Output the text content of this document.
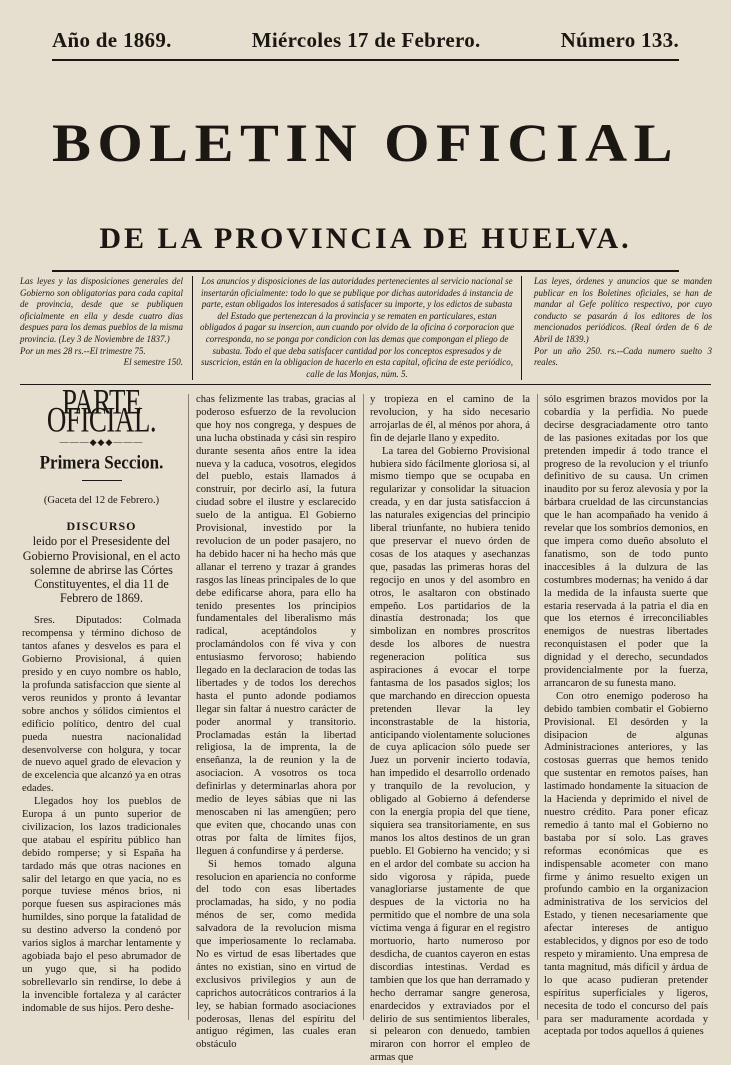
Año de 1869.	Miércoles 17 de Febrero.	Número 133.
BOLETIN OFICIAL
DE LA PROVINCIA DE HUELVA.
Las leyes y las disposiciones generales del Gobierno son obligatorias para cada capital de provincia, desde que se publiquen oficialmente en ella y desde cuatro dias despues para los demas pueblos de la misma provincia. (Ley 3 de Noviembre de 1837.)
Por un mes 28 rs.--El trimestre 75.
El semestre 150.
Los anuncios y disposiciones de las autoridades pertenecientes al servicio nacional se insertarán oficialmente: todo lo que se publique por dichas autoridades á instancia de parte, estan obligados los interesados á satisfacer su importe, y los edictos de subasta del Estado que pertenezcan á la provincia y se rematen en particulares, estan obligados á pagar su insercion, aun cuando por olvido de la oficina ó corporacion que corresponda, no se ponga por condicion con las demas que compongan el pliego de subasta. Todo el que deba satisfacer cantidad por los conceptos espresados y de suscricion, están en la obligacion de hacerlo en esta capital, oficina de este periódico, calle de las Monjas, núm. 5.
Las leyes, órdenes y anuncios que se manden publicar en los Boletines oficiales, se han de mandar al Gefe político respectivo, por cuyo conducto se pasarán á los editores de los mencionados periódicos. (Real órden de 6 de Abril de 1839.)
Por un año 250. rs.--Cada numero suelto 3 reales.
PARTE OFICIAL.
———◆◆◆———
Primera Seccion.
(Gaceta del 12 de Febrero.)
DISCURSO
leido por el Presesidente del Gobierno Provisional, en el acto solemne de abrirse las Córtes Constituyentes, el dia 11 de Febrero de 1869.

Sres. Diputados: Colmada recompensa y término dichoso de tantos afanes y desvelos es para el Gobierno Provisional, á quien presido y en cuyo nombre os hablo, la profunda satisfaccion que siente al veros reunidos y pronto á levantar sobre anchos y sólidos cimientos el edificio político, dentro del cual pueda nuestra nacionalidad desenvolverse con holgura, y tocar de nuevo aquel grado de elevacion y de excelencia que alcanzó ya en otras edades.

Llegados hoy los pueblos de Europa á un punto superior de civilizacion, los lazos tradicionales que atabau el espíritu público han debido romperse; y si España ha tardado más que otras naciones en salir del letargo en que yacia, no es porque tuviese ménos brios, ni porque fuesen sus aspiraciones más humildes, sino porque la fatalidad de su destino adverso la condenó por varios siglos á marchar lentamente y agobiada bajo el peso abrumador de un yugo que, si ha podido sobrellevarlo sin rendirse, lo debe á la invencible fortaleza y al carácter indomable de sus hijos. Pero deshe-

chas felizmente las trabas, gracias al poderoso esfuerzo de la revolucion que hoy nos congrega, y despues de una lucha obstinada y cási sin respiro durante sesenta años entre la idea nueva y la caduca, vosotros, elegidos del pueblo, estais llamados á construir, por decirlo así, la futura ciudad sobre el ilustre y esclarecido suelo de la antigua. El Gobierno Provisional, investido por la revolucion de un poder pasajero, no ha debido hacer ni ha hecho más que allanar el terreno y trazar á grandes rasgos las líneas principales de lo que debe edificarse ahora, para ello ha tenido presentes los principios fundamentales del liberalismo más radical, aceptándolos y proclamándolos con fé viva y con entusiasmo fervoroso; habiendo llegado en la declaracion de todas las libertades y de todos los derechos hasta el punto adonde podiamos llegar sin faltar á nuestro carácter de poder anormal y transitorio. Proclamadas están la libertad religiosa, la de imprenta, la de enseñanza, la de reunion y la de asociacion. A vosotros os toca definirlas y determinarlas ahora por medio de leyes sábias que ni las menoscaben ni las amengüen; pero que eviten que, chocando unas con otras por falta de límites fijos, lleguen á confundirse y á perderse.

Si hemos tomado alguna resolucion en apariencia no conforme del todo con esas libertades proclamadas, ha sido, y no podia ménos de ser, como medida salvadora de la revolucion misma que imperiosamente lo reclamaba. No es virtud de esas libertades que ántes no existian, sino en virtud de exclusivos privilegios y aun de caprichos autocráticos contrarios á la ley, se habian formado asociaciones poderosas, llenas del espíritu del antiguo régimen, las cuales eran obstáculo

y tropieza en el camino de la revolucion, y ha sido necesario arrojarlas de él, al ménos por ahora, á fin de dejarle llano y expedito.

La tarea del Gobierno Provisional hubiera sido fácilmente gloriosa si, al mismo tiempo que se ocupaba en regularizar y consolidar la situacion creada, y en dar justa satisfaccion á las naturales exigencias del principio liberal triunfante, no hubiera tenido que preservar el nuevo órden de cosas de los ataques y asechanzas que, pasadas las primeras horas del regocijo en unos y del asombro en otros, le asaltaron con obstinado empeño. Los partidarios de la dinastía destronada; los que simbolizan en nombres proscritos desde los albores de nuestra regeneracion política sus aspiraciones á evocar el torpe fantasma de los pasados siglos; los que marchando en direccion opuesta pretenden llevar la ley inconstrastable de la historia, anticipando violentamente soluciones de cuya aplicacion sólo puede ser Juez un porvenir incierto todavía, han impedido el desarrollo ordenado y tranquilo de la revolucion, y obligado al Gobierno á defenderse con la energía propia del que tiene, siquiera sea transitoriamente, en sus manos los altos destinos de un gran pueblo. El Gobierno ha vencido; y si en el ardor del combate su accion ha sido vigorosa y rápida, puede vanagloriarse justamente de que despues de la victoria no ha permitido que el nombre de una sola víctima venga á figurar en el registro mortuorio, harto numeroso por desdicha, de cuantos cayeron en estas discordias intestinas. Verdad es tambien que los que han derramado y hecho derramar sangre generosa, enardecidos y extraviados por el delirio de sus sentimientos liberales, si pelearon con denuedo, tambien miraron con horror el empleo de armas que

sólo esgrimen brazos movidos por la cobardía y la perfidia. No puede decirse desgraciadamente otro tanto de las pasiones exitadas por los que pretenden impedir á todo trance el progreso de la revolucion y el triunfo definitivo de su causa. Un crímen inaudito por su feroz alevosía y por la bárbara crueldad de las circunstancias que le han acompañado ha venido á revelar que los sombríos demonios, en que impera como dueño absoluto el fanatismo, son de todo punto inaccesibles á la dulzura de las costumbres modernas; ha venido á dar la medida de la infausta suerte que estaria reservada á la patria el dia en que los eternos é irreconciliables enemigos de nuestras libertades reconquistasen el poder que la dignidad y el derecho, secundados providencialmente por la fuerza, arrancaron de su funesta mano.

Con otro enemigo poderoso ha debido tambien combatir el Gobierno Provisional. El desórden y la disipacion de algunas Administraciones anteriores, y las costosas guerras que hemos tenido que sustentar en remotos países, han lastimado hondamente la situacion de la Hacienda y deprimido el nivel de nuestro crédito. Para poner eficaz remedio á tanto mal el Gobierno no bastaba por sí solo. Las graves reformas económicas que es indispensable acometer con mano firme y ánimo resuelto exigen un profundo cambio en la organizacion administrativa de los servicios del Estado, y tienen necesariamente que afectar intereses de antiguo establecidos, y dignos por eso de todo respeto y miramiento. Una empresa de tanta magnitud, más difícil y árdua de lo que acaso pudieran pretender espíritus superficiales y ligeros, necesita de todo el concurso del país para ser maduramente acordada y aceptada por todos aquellos á quienes
